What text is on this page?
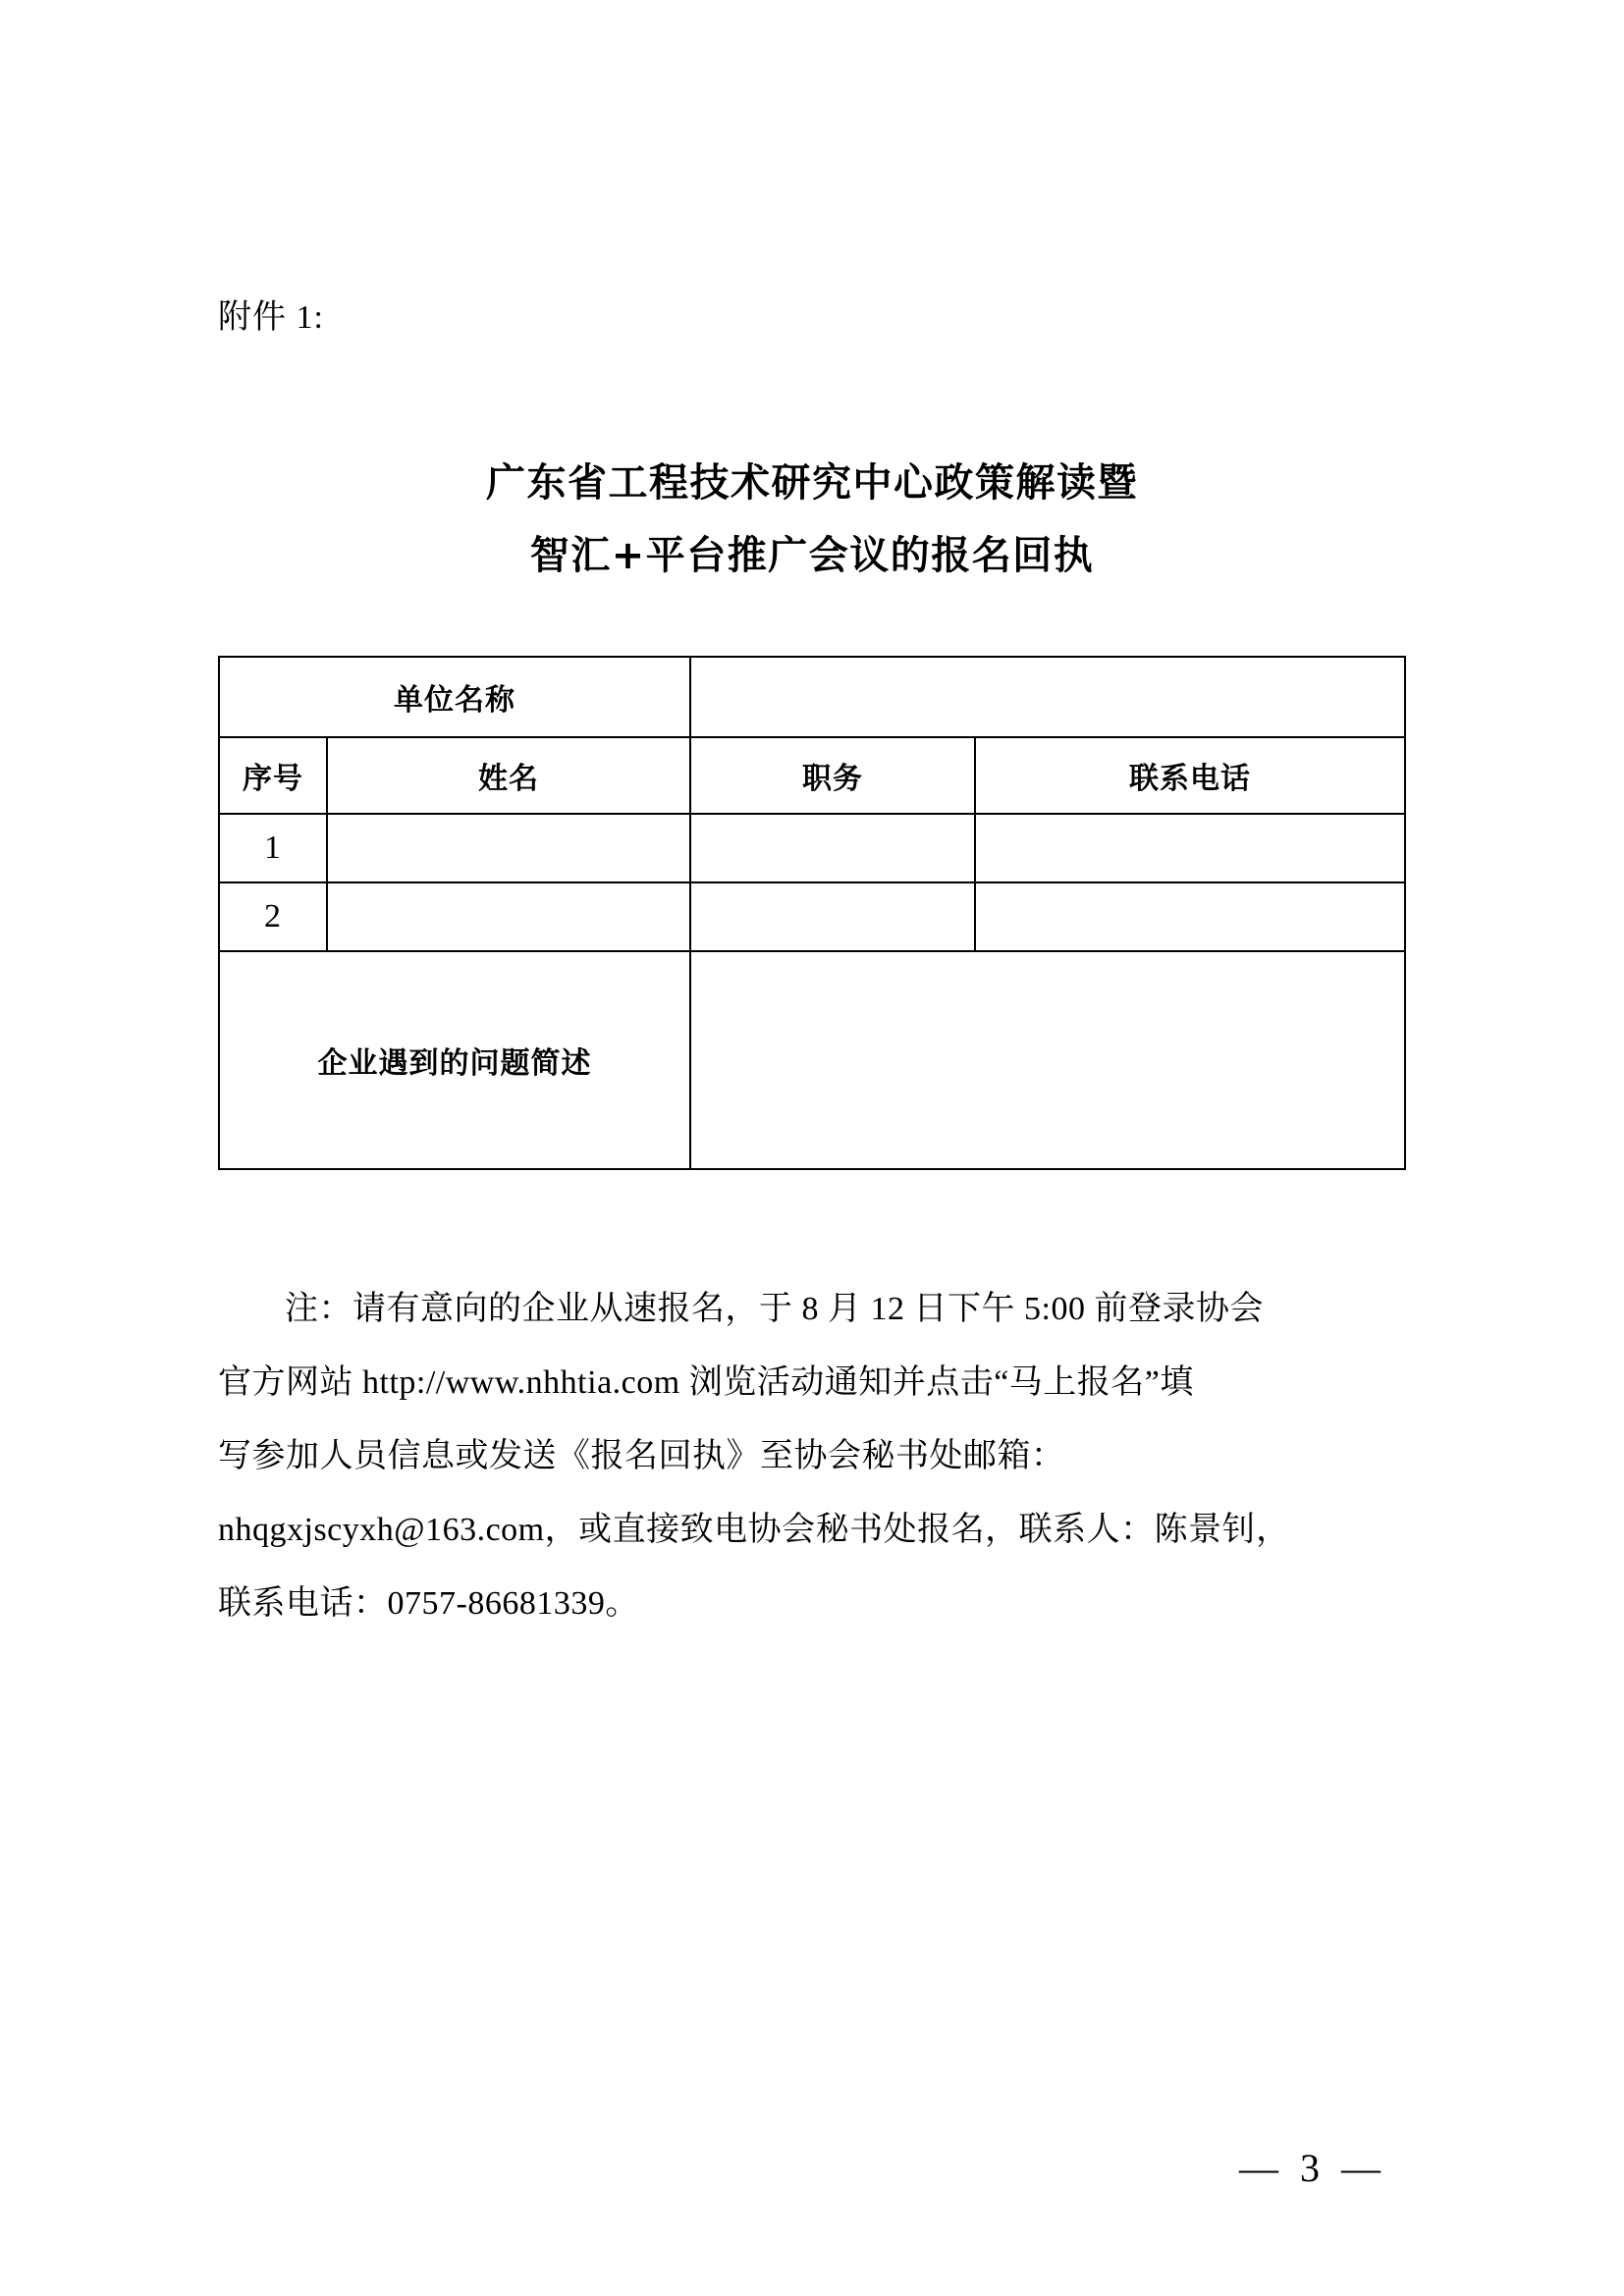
附件 1:
广东省工程技术研究中心政策解读暨
智汇+平台推广会议的报名回执
单位名称			
序号	姓名	职务	联系电话
1			
2			
企业遇到的问题简述			
注：请有意向的企业从速报名，于 8 月 12 日下午 5:00 前登录协会
官方网站 http://www.nhhtia.com 浏览活动通知并点击“马上报名”填
写参加人员信息或发送《报名回执》至协会秘书处邮箱：
nhqgxjscyxh@163.com，或直接致电协会秘书处报名，联系人：陈景钊，
联系电话：0757-86681339。
— 3 —
